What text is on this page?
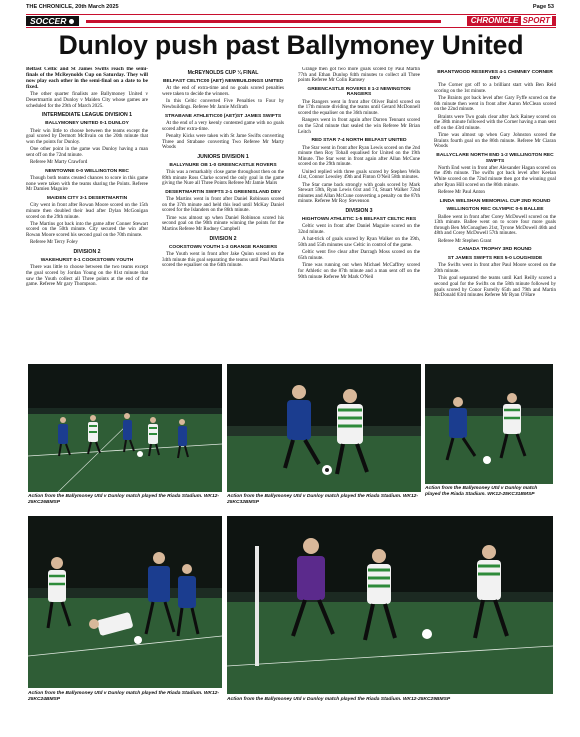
THE CHRONICLE, 20th March 2025	Page 53
SOCCER	CHRONICLE SPORT
Dunloy push past Ballymoney United

Belfast Celtic and St James Swifts reach the semi-finals of the McReynolds Cup on Saturday. They will now play each other in the semi-final on a date to be fixed.

The other quarter finalists are Ballymoney United v Desertmartin and Dunloy v Maiden City whose games are scheduled for the 29th of March 2025.

INTERMEDIATE LEAGUE DIVISION 1
BALLYMONEY UNITED 0-1 DUNLOY

Their win little to choose between the teams except the goal scored by Dermott McIlvain on the 20th minute that won the points for Dunloy.

One other point in the game was Dunloy having a man sent off on the 72nd minute.

Referee Mr Marty Crawford

NEWTOWNE 0-0 WELLINGTON REC

Though both teams created chances to score in this game none were taken with the teams sharing the Points. Referee Mr Damien Maguire

MAIDEN CITY 3-1 DESERTMARTIN

City went in front after Rowan Moore scored on the 15th minute then doubled their lead after Dylan McGonigan scored on the 29th minute.

The Martins got back into the game after Conner Stewart scored on the 50th minute. City secured the win after Rowan Moore scored his second goal on the 70th minute.

Referee Mr Terry Foley

DIVISION 2
WAKEHURST 0-1 COOKSTOWN YOUTH

There was little to choose between the two teams except the goal scored by Jordan Young on the 81st minute that saw the Youth collect all Three points at the end of the game. Referee Mr gary Thompson.

McREYNOLDS CUP ¼ FINAL
BELFAST CELTIC00 (AET) NEWBUILDINGS UNITED

At the end of extra-time and no goals scored penalties were taken to decide the winners.

In this Celtic converted Five Penalties to Four by Newbuildings. Referee Mr Jamie McIlrath

STRABANE ATHLETIC00 (AET)ST JAMES SWIFTS

At the end of a very keenly contested game with no goals scored after extra-time.

Penalty Kicks were taken with St Jame Swifts converting Three and Strabane converting Two Referee Mr Marty Woods

JUNIORS DIVISION 1
BALLYNURE OB 1-0 GREENCASTLE ROVERS

This was a remarkably close game throughout then on the 89th minute Ross Clarke scored the only goal in the game giving the Nure all Three Points Referee Mr Jamie Mairs

DESERTMARTIN SWIFTS 2-1 GREENISLAND DEV

The Martins went in front after Daniel Robinson scored on the 37th minute and held this lead until McKay Daniel scored for the Islanders on the 86th minute.

Time was almost up when Daniel Robinson scored his second goal on the 90th minute winning the points for the Martins Referee Mr Rodney Campbell

DIVISION 2
COOKSTOWN YOUTH 1-3 GRANGE RANGERS

The Youth went in front after Jake Quinn scored on the 34th minute this goal separating the teams until Paul Martin scored the equaliser on the 64th minute.

Grange then got two more goals scored by Paul Martin 77th and Ethan Dunlop 84th minutes to collect all Three points Referee Mr Colin Ramsey

GREENCASTLE ROVERS II 1-2 NEWINGTON RANGERS

The Rangers went in front after Oliver Baird scored on the 17th minute dividing the teams until Gerard McDonnell scored the equaliser on the 36th minute.

Rangers went in front again after Darren Tennant scored on the 52nd minute that sealed the win Referee Mr Brian Leitch

RED STAR 7-4 NORTH BELFAST UNITED

The Star went in front after Ryan Lewis scored on the 2nd minute then Roy Tohall equalised for United on the 19th Minute. The Star went in front again after Allan McCune scored on the 29th minute.

United replied with three goals scored by Stephen Wells 41st, Connor Lewsley 49th and Finton O'Neil 58th minutes.

The Star came back strongly with goals scored by Mark Stewart 59th, Ryan Lewis 61st and 74, Stuart Walker 72nd minutes and Allan McCune converting a penalty on the 87th minute. Referee Mr Roy Stevenson

DIVISION 3
HIGHTOWN ATHLETIC 1-5 BELFAST CELTIC RES

Celtic went in front after Daniel Maguire scored on the 32nd minute.

A hat-trick of goals scored by Ryan Walker on the 39th, 50th and 55th minutes saw Celtic in control of the game.

Celtic went five clear after Darragh Moss scored on the 65th minute.

Time was running out when Michael McCaffrey scored for Athletic on the 87th minute and a man sent off on the 90th minute Referee Mr Mark O'Neil

BRANTWOOD RESERVES 4-1 CHIMNEY CORNER DEV

The Corner got off to a brilliant start with Ben Reid scoring on the 1st minute.

The Braints got back level after Gary Fyffe scored on the 6th minute then went in front after Aaron McClean scored on the 22nd minute.

Braints were Two goals clear after Jack Rainey scored on the 38th minute followed with the Corner having a man sent off on the 43rd minute.

Time was almost up when Gary Johnston scored the Braints fourth goal on the 86th minute. Referee Mr Ciaran Woods

BALLYCLARE NORTH END 1-2 WELLINGTON REC SWIFTS

North End went in front after Alexander Hagan scored on the 49th minute. The swifts got back level after Keelan White scored on the 72nd minute then got the winning goal after Ryan Hill scored on the 86th minute.

Referee Mr Paul Anton

LINDA WELSHAN MEMORIAL CUP 2ND ROUND
WELLINGTON REC OLYMPIC 0-5 BALLEE

Ballee went in front after Corey McDowell scored on the 13th minute. Ballee went on to score four more goals through Ben McConaghen 21st, Tyrone McDowell 46th and 48th and Corey McDowell 57th minutes.

Referee Mr Stephen Grant

CANADA TROPHY 3RD ROUND
ST JAMES SWIFTS RES 5-0 LOUGHSIDE

The Swifts went in front after Paul Moore scored on the 20th minute.

This goal separated the teams until Karl Reilly scored a second goal for the Swifts on the 58th minute followed by goals scored by Conor Farrelly 65th and 79th and Martin McDonald 83rd minutes Referee Mr Ryan O'Hare

Action from the Ballymoney Utd v Dunloy match played the Riada Stadium. WK12-25KC26BMSP
Action from the Ballymoney Utd v Dunloy match played the Riada Stadium. WK12-25KC32BMSP
Action from the Ballymoney Utd v Dunloy match played the Riada Stadium. WK12-25KC31BMSP
Action from the Ballymoney Utd v Dunloy match played the Riada Stadium. WK12-25KC24BMSP	Action from the Ballymoney Utd v Dunloy match played the Riada Stadium. WK12-25KC29BMSP
